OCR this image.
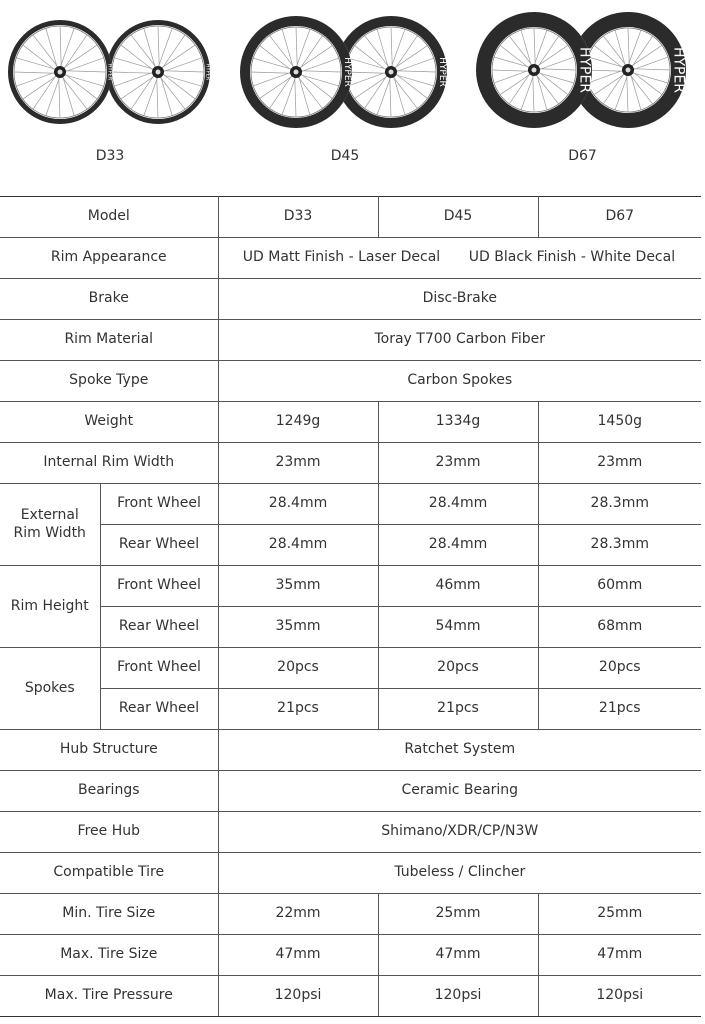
HYPER
HYPER
D33
HYPER
HYPER
D45
HYPER
HYPER
D67
Model		D33	D45	D67
Rim Appearance		UD Matt Finish - Laser Decal UD Black Finish - White Decal		
Brake		Disc-Brake		
Rim Material		Toray T700 Carbon Fiber		
Spoke Type		Carbon Spokes		
Weight		1249g	1334g	1450g
Internal Rim Width		23mm	23mm	23mm
External Rim Width	Front Wheel	28.4mm	28.4mm	28.3mm
	Rear Wheel	28.4mm	28.4mm	28.3mm
Rim Height	Front Wheel	35mm	46mm	60mm
	Rear Wheel	35mm	54mm	68mm
Spokes	Front Wheel	20pcs	20pcs	20pcs
	Rear Wheel	21pcs	21pcs	21pcs
Hub Structure		Ratchet System		
Bearings		Ceramic Bearing		
Free Hub		Shimano/XDR/CP/N3W		
Compatible Tire		Tubeless / Clincher		
Min. Tire Size		22mm	25mm	25mm
Max. Tire Size		47mm	47mm	47mm
Max. Tire Pressure		120psi	120psi	120psi
